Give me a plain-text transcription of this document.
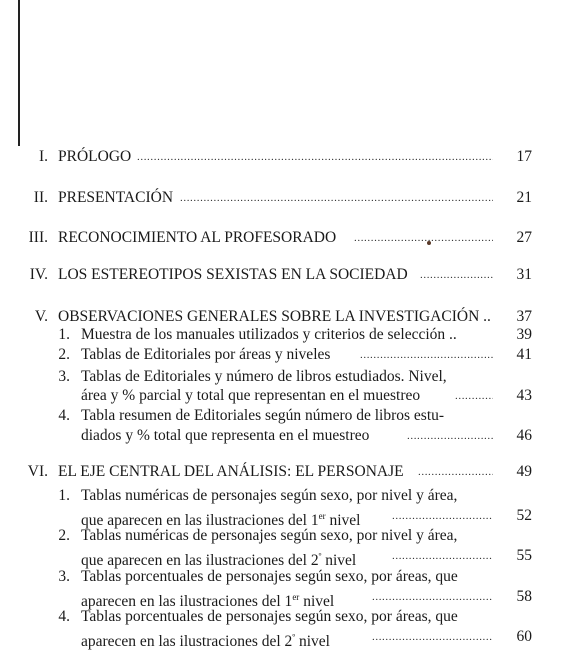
I. PRÓLOGO .....	17
II. PRESENTACIÓN .....	21
III. RECONOCIMIENTO AL PROFESORADO .....	27
IV. LOS ESTEREOTIPOS SEXISTAS EN LA SOCIEDAD .....	31
V. OBSERVACIONES GENERALES SOBRE LA INVESTIGACIÓN ..	37
1. Muestra de los manuales utilizados y criterios de selección ..	39
2. Tablas de Editoriales por áreas y niveles .....	41
3. Tablas de Editoriales y número de libros estudiados. Nivel,
área y % parcial y total que representan en el muestreo .....	43
4. Tabla resumen de Editoriales según número de libros estu-
diados y % total que representa en el muestreo .....	46
VI. EL EJE CENTRAL DEL ANÁLISIS: EL PERSONAJE .....	49
1. Tablas numéricas de personajes según sexo, por nivel y área,
que aparecen en las ilustraciones del 1er nivel .....	52
2. Tablas numéricas de personajes según sexo, por nivel y área,
que aparecen en las ilustraciones del $2^º$ nivel .....	55
3. Tablas porcentuales de personajes según sexo, por áreas, que
aparecen en las ilustraciones del 1er nivel .....	58
4. Tablas porcentuales de personajes según sexo, por áreas, que
aparecen en las ilustraciones del $2^º$ nivel .....	60
